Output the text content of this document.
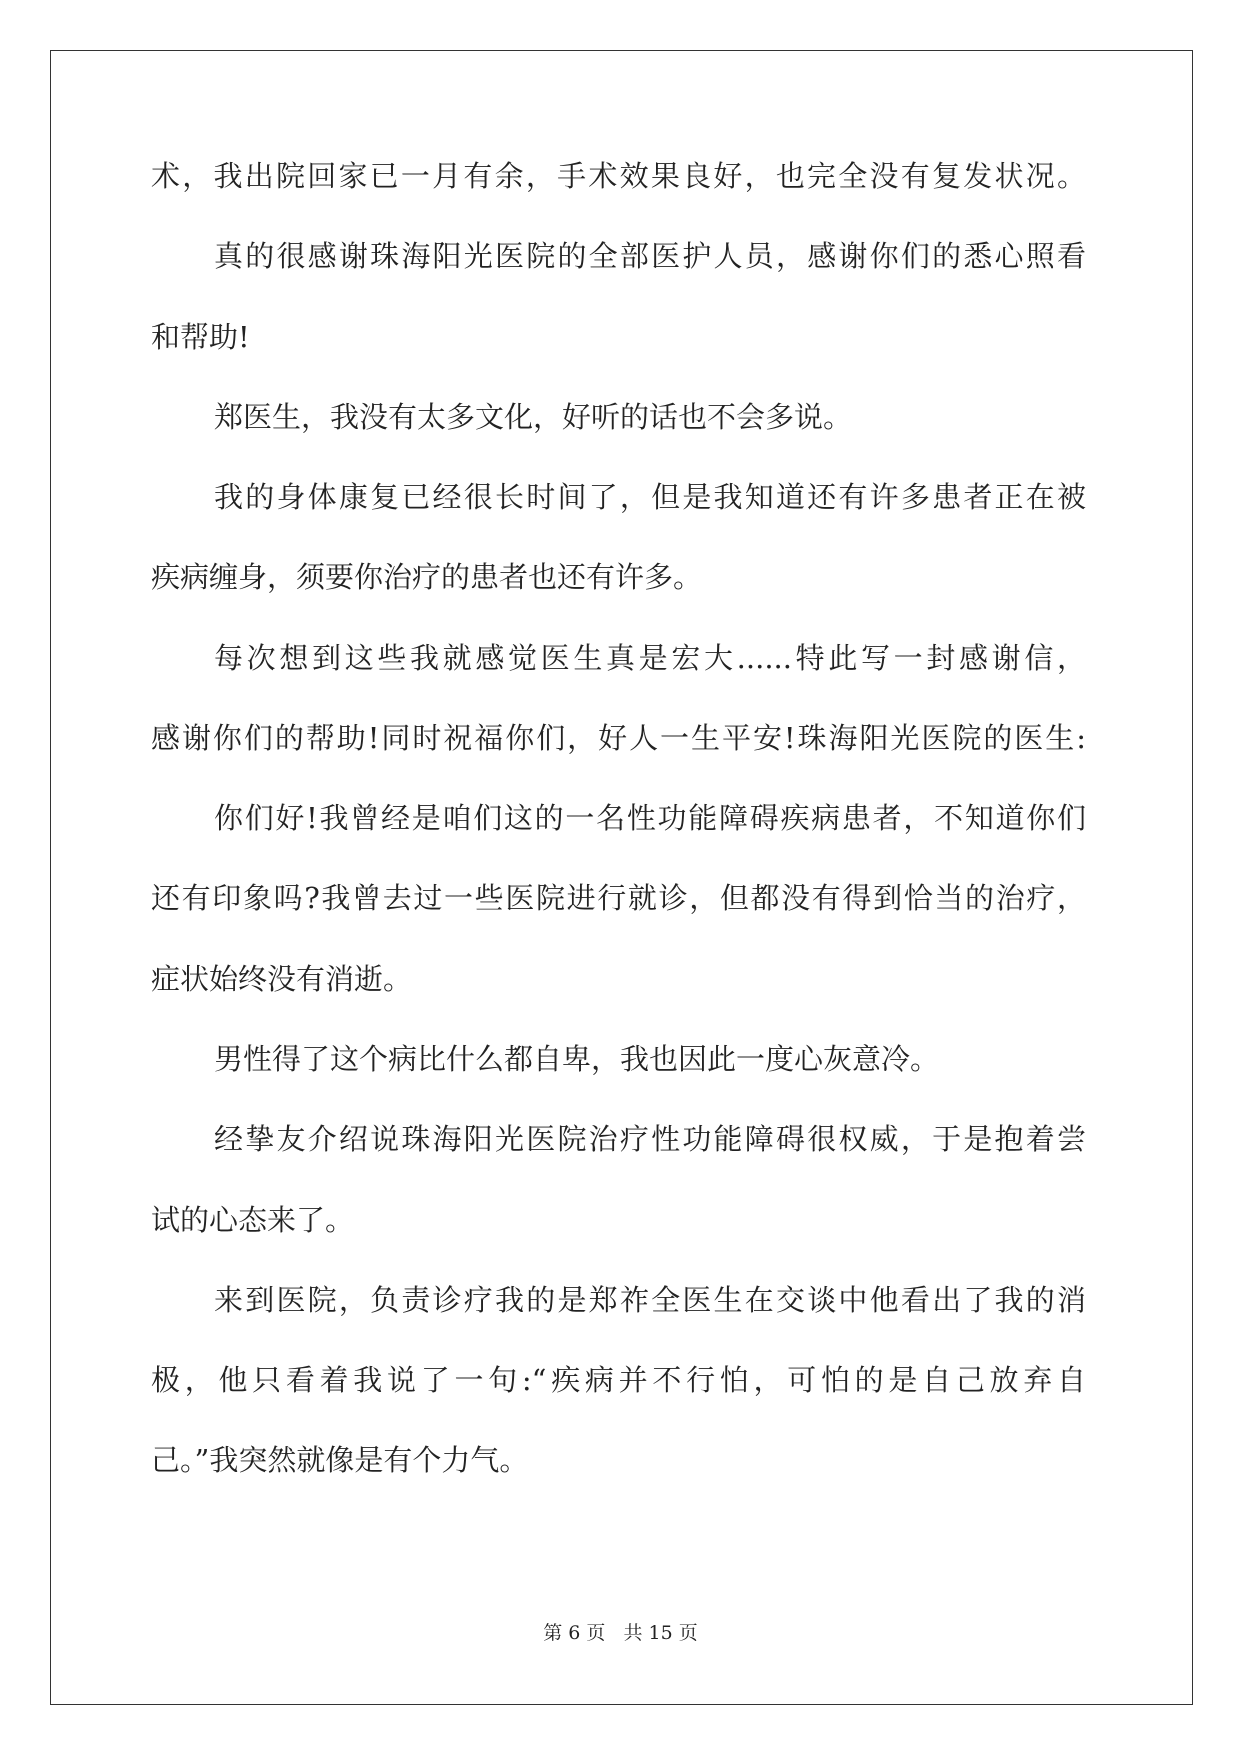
术，我出院回家已一月有余，手术效果良好，也完全没有复发状况。

真的很感谢珠海阳光医院的全部医护人员，感谢你们的悉心照看

和帮助!

郑医生，我没有太多文化，好听的话也不会多说。

我的身体康复已经很长时间了，但是我知道还有许多患者正在被

疾病缠身，须要你治疗的患者也还有许多。

每次想到这些我就感觉医生真是宏大......特此写一封感谢信，

感谢你们的帮助!同时祝福你们，好人一生平安!珠海阳光医院的医生:

你们好!我曾经是咱们这的一名性功能障碍疾病患者，不知道你们

还有印象吗?我曾去过一些医院进行就诊，但都没有得到恰当的治疗，

症状始终没有消逝。

男性得了这个病比什么都自卑，我也因此一度心灰意冷。

经挚友介绍说珠海阳光医院治疗性功能障碍很权威，于是抱着尝

试的心态来了。

来到医院，负责诊疗我的是郑祚全医生在交谈中他看出了我的消

极，他只看着我说了一句:“疾病并不行怕，可怕的是自己放弃自

己。”我突然就像是有个力气。

第 6 页   共 15 页
